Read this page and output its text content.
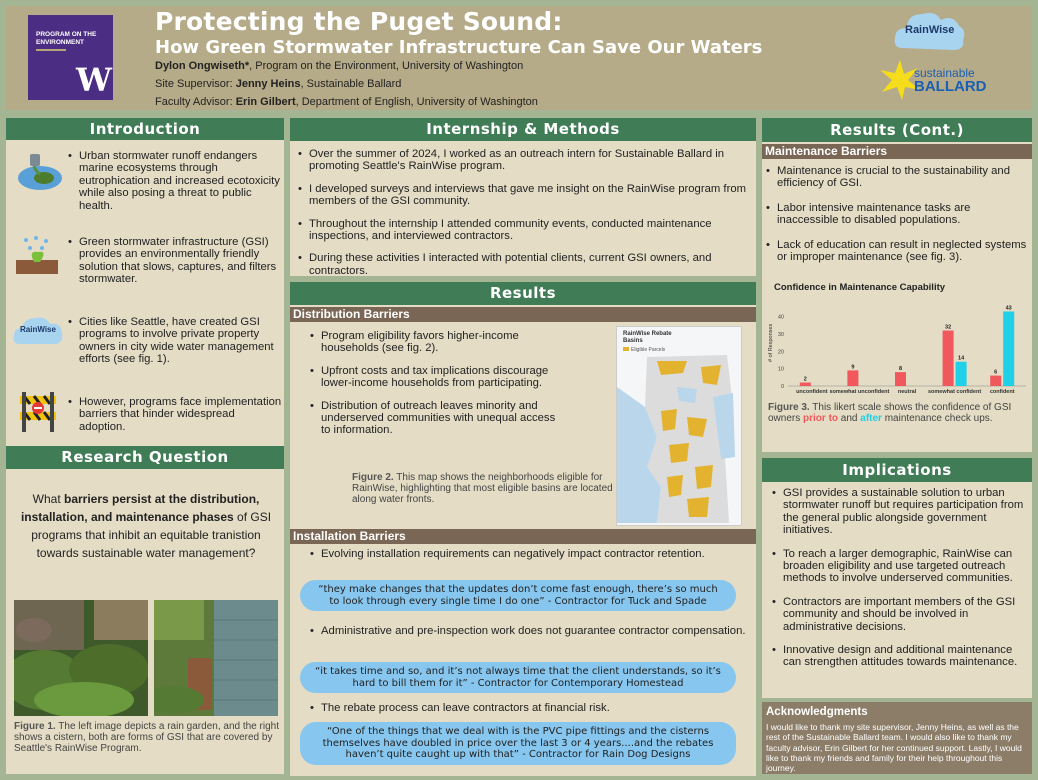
PROGRAM ON THE ENVIRONMENT
W
Protecting the Puget Sound:
How Green Stormwater Infrastructure Can Save Our Waters
Dylon Ongwiseth*, Program on the Environment, University of Washington
Site Supervisor: Jenny Heins, Sustainable Ballard
Faculty Advisor: Erin Gilbert, Department of English, University of Washington
RainWise
sustainable
BALLARD
Introduction
RainWise
• Urban stormwater runoff endangers marine ecosystems through eutrophication and increased ecotoxicity while also posing a threat to public health.
• Green stormwater infrastructure (GSI) provides an environmentally friendly solution that slows, captures, and filters stormwater.
• Cities like Seattle, have created GSI programs to involve private property owners in city wide water management efforts (see fig. 1).
• However, programs face implementation barriers that hinder widespread adoption.
Research Question
What barriers persist at the distribution, installation, and maintenance phases of GSI programs that inhibit an equitable tranistion towards sustainable water management?
Figure 1. The left image depicts a rain garden, and the right shows a cistern, both are forms of GSI that are covered by Seattle's RainWise Program.
Internship & Methods
• Over the summer of 2024, I worked as an outreach intern for Sustainable Ballard in promoting Seattle's RainWise program.
• I developed surveys and interviews that gave me insight on the RainWise program from members of the GSI community.
• Throughout the internship I attended community events, conducted maintenance inspections, and interviewed contractors.
• During these activities I interacted with potential clients, current GSI owners, and contractors.
Results
Distribution Barriers
• Program eligibility favors higher-income households (see fig. 2).
• Upfront costs and tax implications discourage lower-income households from participating.
• Distribution of outreach leaves minority and underserved communities with unequal access to information.
Figure 2. This map shows the neighborhoods eligible for RainWise, highlighting that most eligible basins are located along water fronts.
RainWise Rebate Basins
Eligible Parcels
Installation Barriers
• Evolving installation requirements can negatively impact contractor retention.
“they make changes that the updates don’t come fast enough, there’s so much to look through every single time I do one” - Contractor for Tuck and Spade
• Administrative and pre-inspection work does not guarantee contractor compensation.
“it takes time and so, and it’s not always time that the client understands, so it’s hard to bill them for it” - Contractor for Contemporary Homestead
• The rebate process can leave contractors at financial risk.
“One of the things that we deal with is the PVC pipe fittings and the cisterns themselves have doubled in price over the last 3 or 4 years....and the rebates haven’t quite caught up with that” - Contractor for Rain Dog Designs
Results (Cont.)
Maintenance Barriers
• Maintenance is crucial to the sustainability and efficiency of GSI.
• Labor intensive maintenance tasks are inaccessible to disabled populations.
• Lack of education can result in neglected systems or improper maintenance (see fig. 3).
Confidence in Maintenance Capability
# of Responses
0
10
20
30
40
unconfident somewhat unconfident neutral somewhat confident confident
2
9	8
32
14
6
43
Figure 3. This likert scale shows the confidence of GSI owners prior to and after maintenance check ups.
Implications
• GSI provides a sustainable solution to urban stormwater runoff but requires participation from the general public alongside government initiatives.
• To reach a larger demographic, RainWise can broaden eligibility and use targeted outreach methods to involve underserved communities.
• Contractors are important members of the GSI community and should be involved in administrative decisions.
• Innovative design and additional maintenance can strengthen attitudes towards maintenance.
Acknowledgments
I would like to thank my site supervisor, Jenny Heins, as well as the rest of the Sustainable Ballard team. I would also like to thank my faculty advisor, Erin Gilbert for her continued support. Lastly, I would like to thank my friends and family for their help throughout this journey.
